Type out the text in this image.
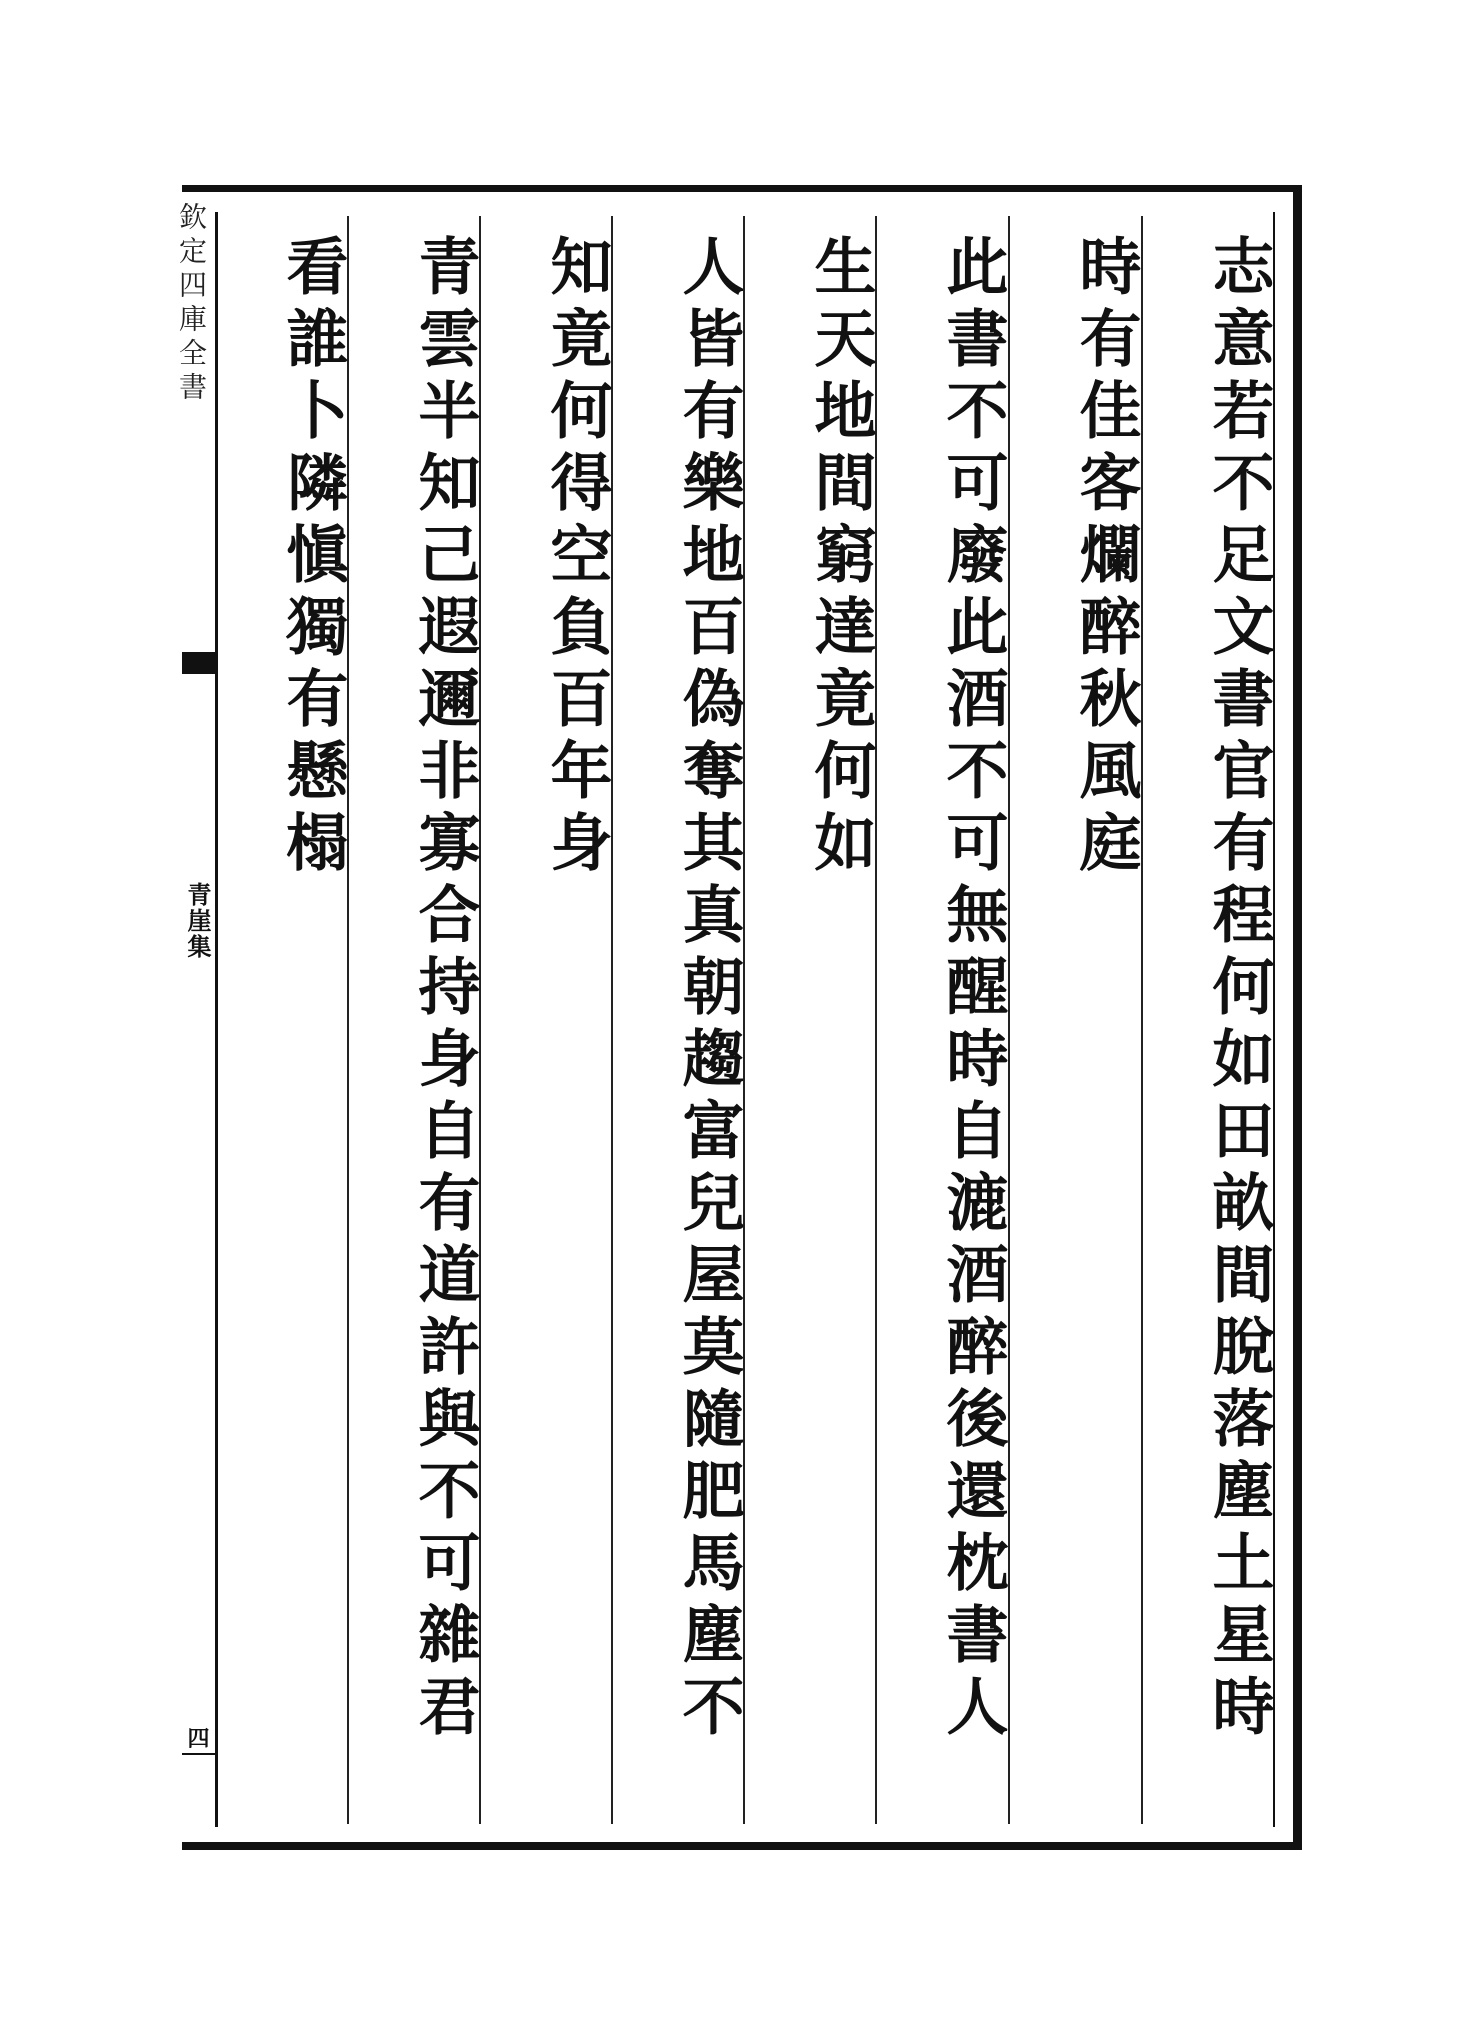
欽定四庫全書
青崖集
四	志意若不足文書官有程何如田畝間脫落塵土星時
時有佳客爛醉秋風庭
此書不可廢此酒不可無醒時自漉酒醉後還枕書人
生天地間窮達竟何如
人皆有樂地百偽奪其真朝趨富兒屋莫隨肥馬塵不
知竟何得空負百年身
青雲半知己遐邇非寡合持身自有道許與不可雜君
看誰卜隣愼獨有懸榻
